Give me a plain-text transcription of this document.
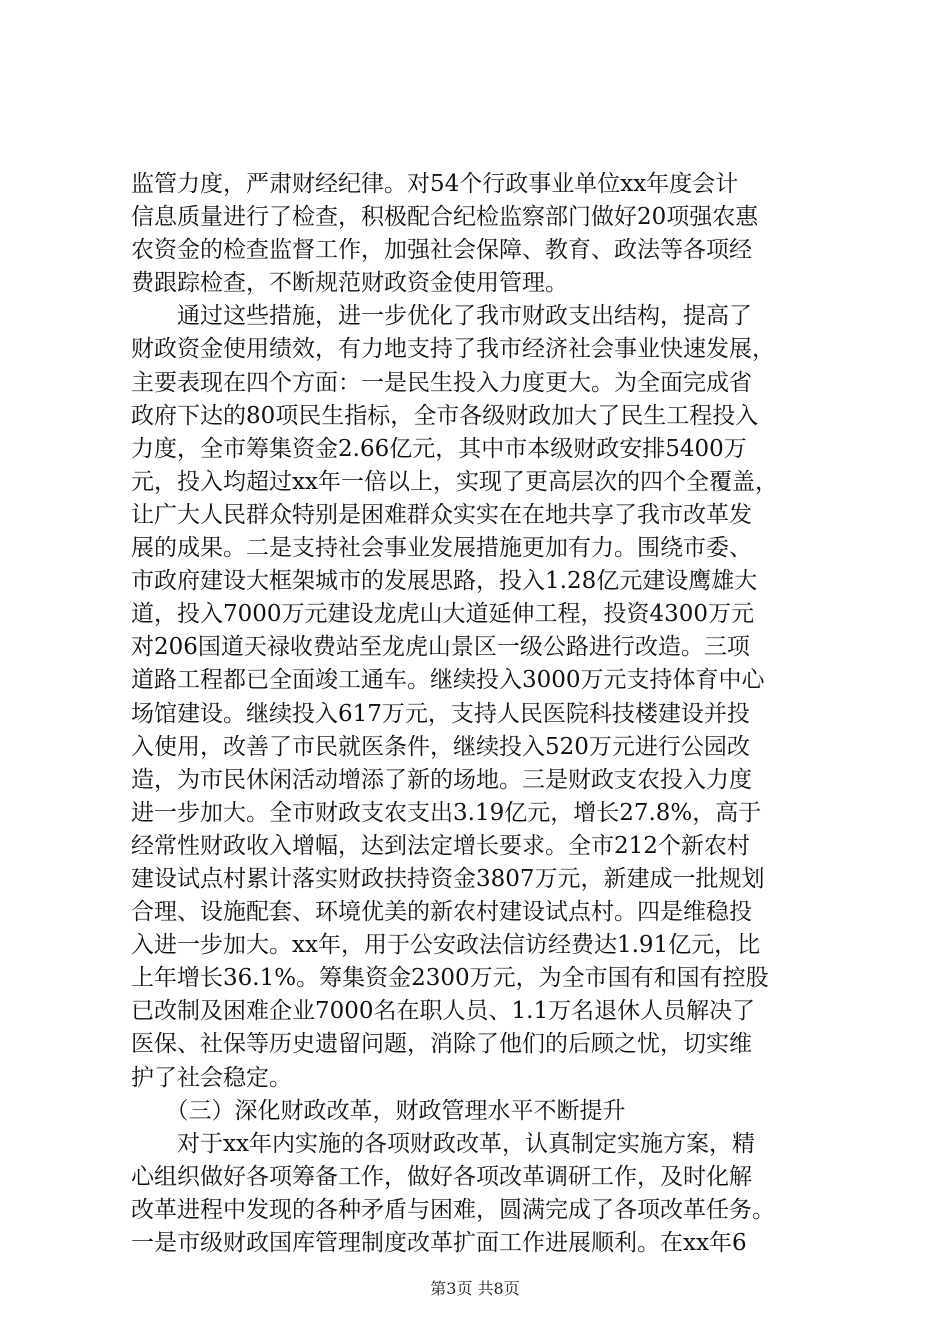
监管力度，严肃财经纪律。对54个行政事业单位xx年度会计
信息质量进行了检查，积极配合纪检监察部门做好20项强农惠
农资金的检查监督工作，加强社会保障、教育、政法等各项经
费跟踪检查，不断规范财政资金使用管理。
　　通过这些措施，进一步优化了我市财政支出结构，提高了
财政资金使用绩效，有力地支持了我市经济社会事业快速发展，
主要表现在四个方面：一是民生投入力度更大。为全面完成省
政府下达的80项民生指标，全市各级财政加大了民生工程投入
力度，全市筹集资金2.66亿元，其中市本级财政安排5400万
元，投入均超过xx年一倍以上，实现了更高层次的四个全覆盖，
让广大人民群众特别是困难群众实实在在地共享了我市改革发
展的成果。二是支持社会事业发展措施更加有力。围绕市委、
市政府建设大框架城市的发展思路，投入1.28亿元建设鹰雄大
道，投入7000万元建设龙虎山大道延伸工程，投资4300万元
对206国道天禄收费站至龙虎山景区一级公路进行改造。三项
道路工程都已全面竣工通车。继续投入3000万元支持体育中心
场馆建设。继续投入617万元，支持人民医院科技楼建设并投
入使用，改善了市民就医条件，继续投入520万元进行公园改
造，为市民休闲活动增添了新的场地。三是财政支农投入力度
进一步加大。全市财政支农支出3.19亿元，增长27.8%，高于
经常性财政收入增幅，达到法定增长要求。全市212个新农村
建设试点村累计落实财政扶持资金3807万元，新建成一批规划
合理、设施配套、环境优美的新农村建设试点村。四是维稳投
入进一步加大。xx年，用于公安政法信访经费达1.91亿元，比
上年增长36.1%。筹集资金2300万元，为全市国有和国有控股
已改制及困难企业7000名在职人员、1.1万名退休人员解决了
医保、社保等历史遗留问题，消除了他们的后顾之忧，切实维
护了社会稳定。
　　（三）深化财政改革，财政管理水平不断提升
　　对于xx年内实施的各项财政改革，认真制定实施方案，精
心组织做好各项筹备工作，做好各项改革调研工作，及时化解
改革进程中发现的各种矛盾与困难，圆满完成了各项改革任务。
一是市级财政国库管理制度改革扩面工作进展顺利。在xx年6
第3页 共8页
